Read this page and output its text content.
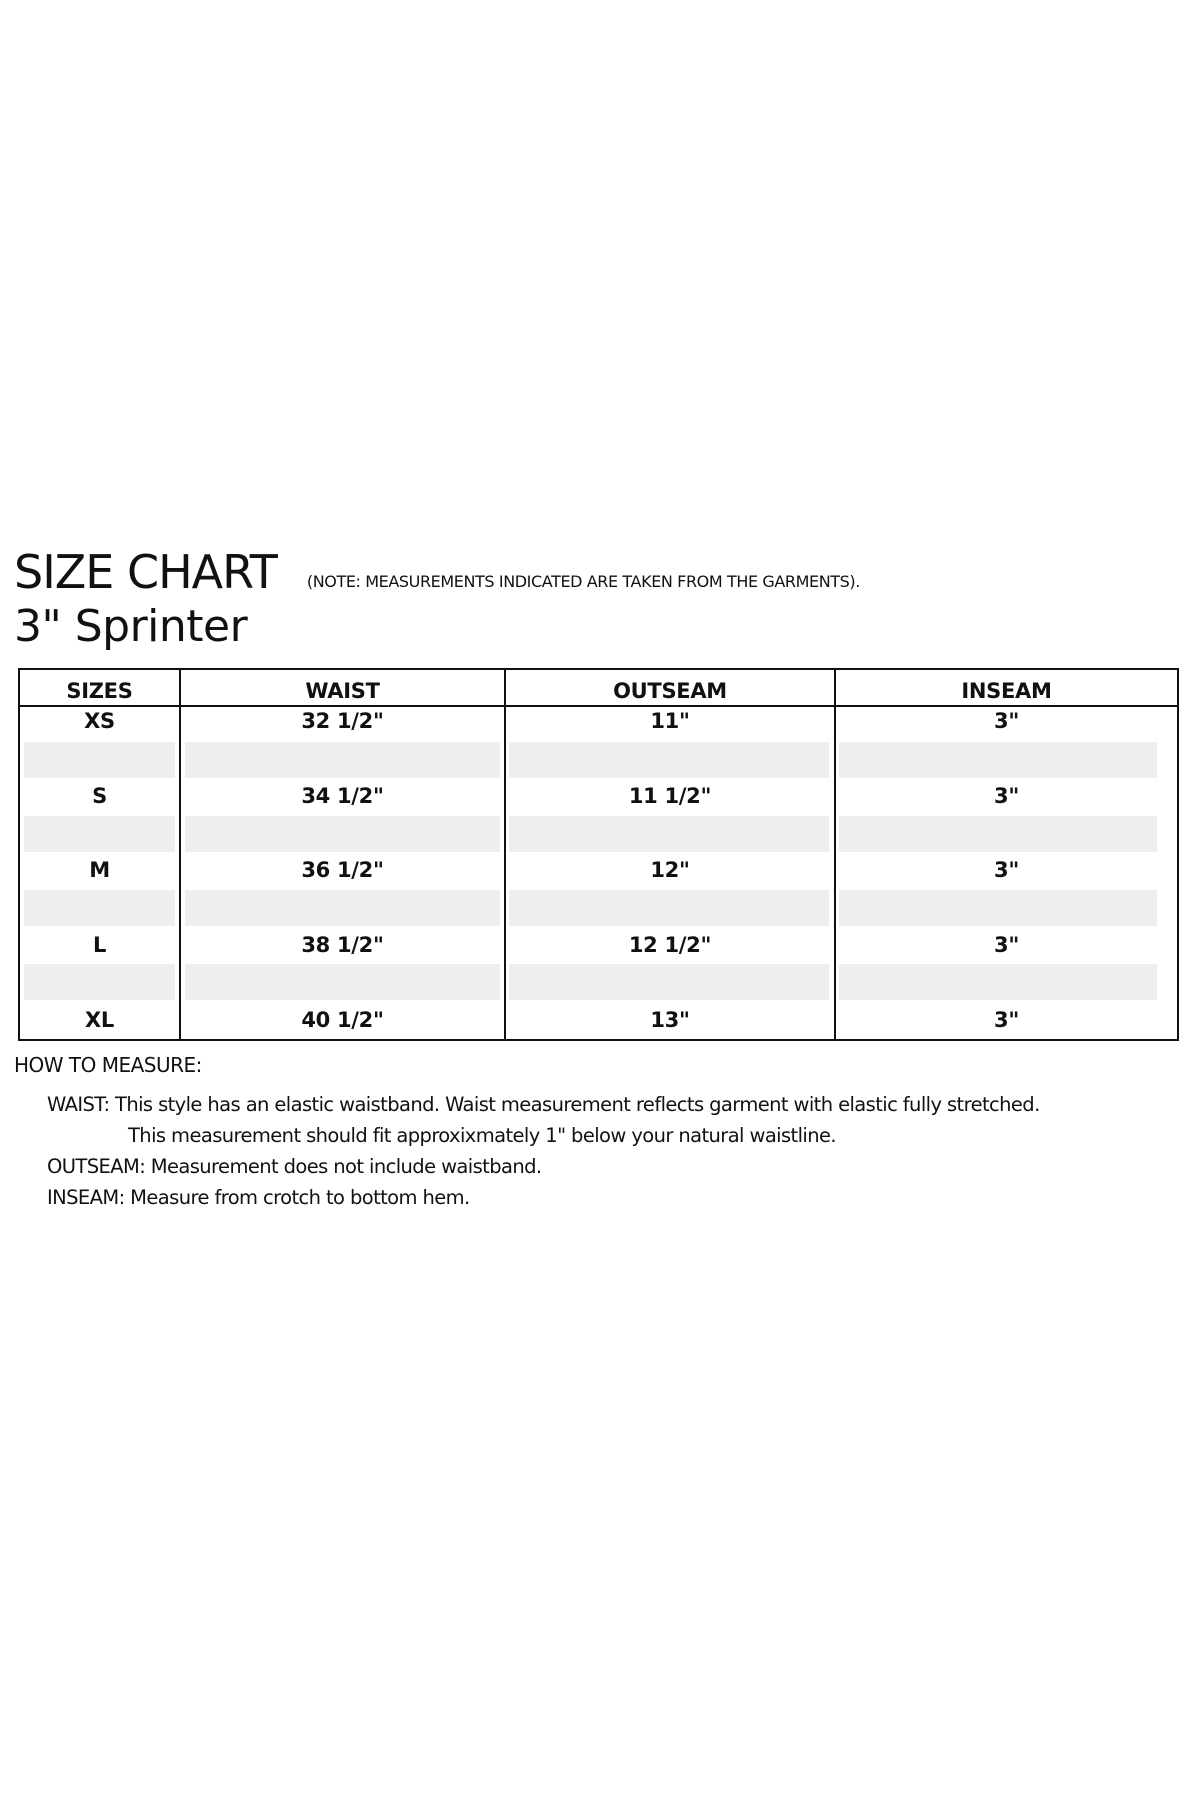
SIZE CHART (NOTE: MEASUREMENTS INDICATED ARE TAKEN FROM THE GARMENTS).
3" Sprinter
SIZES	WAIST	OUTSEAM	INSEAM
XS	32 1/2"	11"	3"
S	34 1/2"	11 1/2"	3"
M	36 1/2"	12"	3"
L	38 1/2"	12 1/2"	3"
XL	40 1/2"	13"	3"
HOW TO MEASURE:
WAIST: This style has an elastic waistband. Waist measurement reflects garment with elastic fully stretched.
This measurement should fit approxixmately 1" below your natural waistline.
OUTSEAM: Measurement does not include waistband.
INSEAM: Measure from crotch to bottom hem.
